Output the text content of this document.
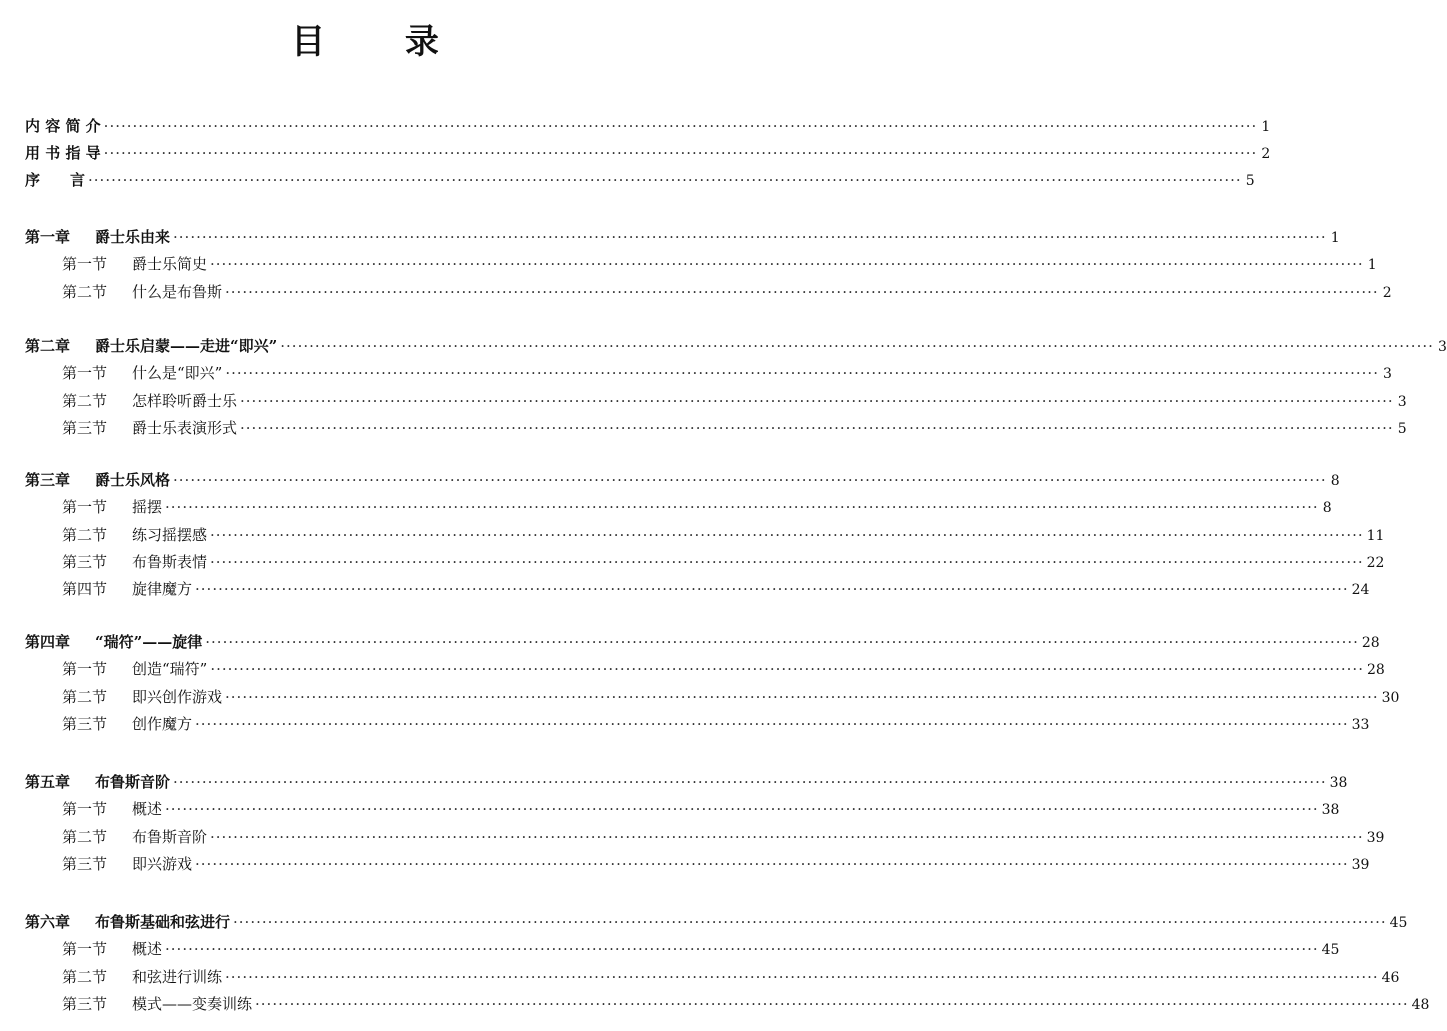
目 录
内 容 简 介 ········································································································································································································ 1
用 书 指 导 ········································································································································································································ 2
序　　言 ········································································································································································································ 5
第一章 爵士乐由来 ········································································································································································································ 1
第一节 爵士乐简史 ········································································································································································································ 1
第二节 什么是布鲁斯 ········································································································································································································ 2
第二章 爵士乐启蒙——走进“即兴” ········································································································································································································ 3
第一节 什么是“即兴” ········································································································································································································ 3
第二节 怎样聆听爵士乐 ········································································································································································································ 3
第三节 爵士乐表演形式 ········································································································································································································ 5
第三章 爵士乐风格 ········································································································································································································ 8
第一节 摇摆 ········································································································································································································ 8
第二节 练习摇摆感 ········································································································································································································ 11
第三节 布鲁斯表情 ········································································································································································································ 22
第四节 旋律魔方 ········································································································································································································ 24
第四章 “瑞符”——旋律 ········································································································································································································ 28
第一节 创造“瑞符” ········································································································································································································ 28
第二节 即兴创作游戏 ········································································································································································································ 30
第三节 创作魔方 ········································································································································································································ 33
第五章 布鲁斯音阶 ········································································································································································································ 38
第一节 概述 ········································································································································································································ 38
第二节 布鲁斯音阶 ········································································································································································································ 39
第三节 即兴游戏 ········································································································································································································ 39
第六章 布鲁斯基础和弦进行 ········································································································································································································ 45
第一节 概述 ········································································································································································································ 45
第二节 和弦进行训练 ········································································································································································································ 46
第三节 模式——变奏训练 ········································································································································································································ 48
